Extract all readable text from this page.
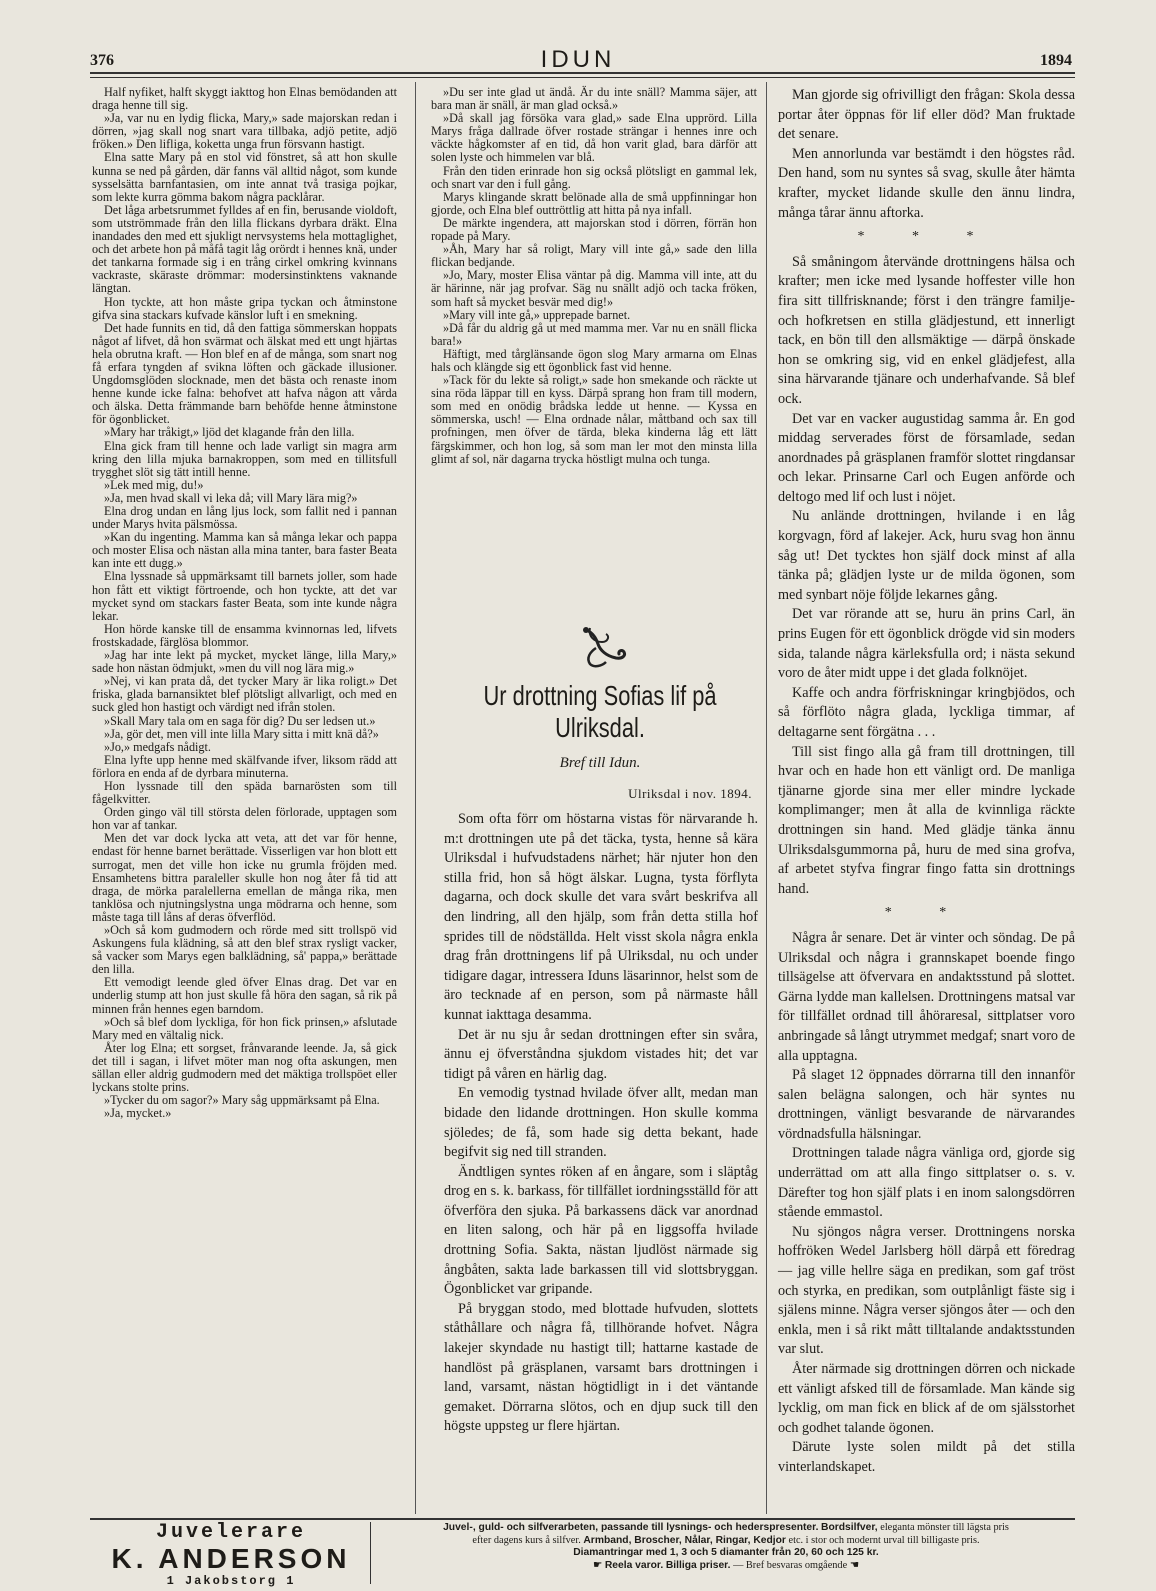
376	IDUN	1894

Half nyfiket, halft skyggt iakttog hon Elnas bemödanden att draga henne till sig.

»Ja, var nu en lydig flicka, Mary,» sade majorskan redan i dörren, »jag skall nog snart vara tillbaka, adjö petite, adjö fröken.» Den lifliga, koketta unga frun försvann hastigt.

Elna satte Mary på en stol vid fönstret, så att hon skulle kunna se ned på gården, där fanns väl alltid något, som kunde sysselsätta barnfantasien, om inte annat två trasiga pojkar, som lekte kurra gömma bakom några packlårar.

Det låga arbetsrummet fylldes af en fin, berusande violdoft, som utströmmade från den lilla flickans dyrbara dräkt. Elna inandades den med ett sjukligt nervsystems hela mottaglighet, och det arbete hon på måfå tagit låg orördt i hennes knä, under det tankarna formade sig i en trång cirkel omkring kvinnans vackraste, skäraste drömmar: modersinstinktens vaknande längtan.

Hon tyckte, att hon måste gripa tyckan och åtminstone gifva sina stackars kufvade känslor luft i en smekning.

Det hade funnits en tid, då den fattiga sömmerskan hoppats något af lifvet, då hon svärmat och älskat med ett ungt hjärtas hela obrutna kraft. — Hon blef en af de många, som snart nog få erfara tyngden af svikna löften och gäckade illusioner. Ungdomsglöden slocknade, men det bästa och renaste inom henne kunde icke falna: behofvet att hafva någon att vårda och älska. Detta främmande barn behöfde henne åtminstone för ögonblicket.

»Mary har tråkigt,» ljöd det klagande från den lilla.

Elna gick fram till henne och lade varligt sin magra arm kring den lilla mjuka barnakroppen, som med en tillitsfull trygghet slöt sig tätt intill henne.

»Lek med mig, du!»

»Ja, men hvad skall vi leka då; vill Mary lära mig?»

Elna drog undan en lång ljus lock, som fallit ned i pannan under Marys hvita pälsmössa.

»Kan du ingenting. Mamma kan så många lekar och pappa och moster Elisa och nästan alla mina tanter, bara faster Beata kan inte ett dugg.»

Elna lyssnade så uppmärksamt till barnets joller, som hade hon fått ett viktigt förtroende, och hon tyckte, att det var mycket synd om stackars faster Beata, som inte kunde några lekar.

Hon hörde kanske till de ensamma kvinnornas led, lifvets frostskadade, färglösa blommor.

»Jag har inte lekt på mycket, mycket länge, lilla Mary,» sade hon nästan ödmjukt, »men du vill nog lära mig.»

»Nej, vi kan prata då, det tycker Mary är lika roligt.» Det friska, glada barnansiktet blef plötsligt allvarligt, och med en suck gled hon hastigt och värdigt ned ifrån stolen.

»Skall Mary tala om en saga för dig? Du ser ledsen ut.»

»Ja, gör det, men vill inte lilla Mary sitta i mitt knä då?»

»Jo,» medgafs nådigt.

Elna lyfte upp henne med skälfvande ifver, liksom rädd att förlora en enda af de dyrbara minuterna.

Hon lyssnade till den späda barnarösten som till fågelkvitter.

Orden gingo väl till största delen förlorade, upptagen som hon var af tankar.

Men det var dock lycka att veta, att det var för henne, endast för henne barnet berättade. Visserligen var hon blott ett surrogat, men det ville hon icke nu grumla fröjden med. Ensamhetens bittra paraleller skulle hon nog åter få tid att draga, de mörka paralellerna emellan de många rika, men tanklösa och njutningslystna unga mödrarna och henne, som måste taga till låns af deras öfverflöd.

»Och så kom gudmodern och rörde med sitt trollspö vid Askungens fula klädning, så att den blef strax rysligt vacker, så vacker som Marys egen balklädning, så' pappa,» berättade den lilla.

Ett vemodigt leende gled öfver Elnas drag. Det var en underlig stump att hon just skulle få höra den sagan, så rik på minnen från hennes egen barndom.

»Och så blef dom lyckliga, för hon fick prinsen,» afslutade Mary med en vältalig nick.

Åter log Elna; ett sorgset, frånvarande leende. Ja, så gick det till i sagan, i lifvet möter man nog ofta askungen, men sällan eller aldrig gudmodern med det mäktiga trollspöet eller lyckans stolte prins.

»Tycker du om sagor?» Mary såg uppmärksamt på Elna.

»Ja, mycket.»

»Du ser inte glad ut ändå. Är du inte snäll? Mamma säjer, att bara man är snäll, är man glad också.»

»Då skall jag försöka vara glad,» sade Elna upprörd. Lilla Marys fråga dallrade öfver rostade strängar i hennes inre och väckte hågkomster af en tid, då hon varit glad, bara därför att solen lyste och himmelen var blå.

Från den tiden erinrade hon sig också plötsligt en gammal lek, och snart var den i full gång.

Marys klingande skratt belönade alla de små uppfinningar hon gjorde, och Elna blef outtröttlig att hitta på nya infall.

De märkte ingendera, att majorskan stod i dörren, förrän hon ropade på Mary.

»Åh, Mary har så roligt, Mary vill inte gå,» sade den lilla flickan bedjande.

»Jo, Mary, moster Elisa väntar på dig. Mamma vill inte, att du är härinne, när jag profvar. Säg nu snällt adjö och tacka fröken, som haft så mycket besvär med dig!»

»Mary vill inte gå,» upprepade barnet.

»Då får du aldrig gå ut med mamma mer. Var nu en snäll flicka bara!»

Häftigt, med tårglänsande ögon slog Mary armarna om Elnas hals och klängde sig ett ögonblick fast vid henne.

»Tack för du lekte så roligt,» sade hon smekande och räckte ut sina röda läppar till en kyss. Därpå sprang hon fram till modern, som med en onödig brådska ledde ut henne. — Kyssa en sömmerska, usch! — Elna ordnade nålar, måttband och sax till profningen, men öfver de tärda, bleka kinderna låg ett lätt färgskimmer, och hon log, så som man ler mot den minsta lilla glimt af sol, när dagarna trycka höstligt mulna och tunga.

Ur drottning Sofias lif på Ulriksdal.
Bref till Idun.
Ulriksdal i nov. 1894.

Som ofta förr om höstarna vistas för närvarande h. m:t drottningen ute på det täcka, tysta, henne så kära Ulriksdal i hufvudstadens närhet; här njuter hon den stilla frid, hon så högt älskar. Lugna, tysta förflyta dagarna, och dock skulle det vara svårt beskrifva all den lindring, all den hjälp, som från detta stilla hof sprides till de nödställda. Helt visst skola några enkla drag från drottningens lif på Ulriksdal, nu och under tidigare dagar, intressera Iduns läsarinnor, helst som de äro tecknade af en person, som på närmaste håll kunnat iakttaga desamma.

Det är nu sju år sedan drottningen efter sin svåra, ännu ej öfverståndna sjukdom vistades hit; det var tidigt på våren en härlig dag.

En vemodig tystnad hvilade öfver allt, medan man bidade den lidande drottningen. Hon skulle komma sjöledes; de få, som hade sig detta bekant, hade begifvit sig ned till stranden.

Ändtligen syntes röken af en ångare, som i släptåg drog en s. k. barkass, för tillfället iordningsställd för att öfverföra den sjuka. På barkassens däck var anordnad en liten salong, och här på en liggsoffa hvilade drottning Sofia. Sakta, nästan ljudlöst närmade sig ångbåten, sakta lade barkassen till vid slottsbryggan. Ögonblicket var gripande.

På bryggan stodo, med blottade hufvuden, slottets ståthållare och några få, tillhörande hofvet. Några lakejer skyndade nu hastigt till; hattarne kastade de handlöst på gräsplanen, varsamt bars drottningen i land, varsamt, nästan högtidligt in i det väntande gemaket. Dörrarna slötos, och en djup suck till den högste uppsteg ur flere hjärtan.

Man gjorde sig ofrivilligt den frågan: Skola dessa portar åter öppnas för lif eller död? Man fruktade det senare.

Men annorlunda var bestämdt i den högstes råd. Den hand, som nu syntes så svag, skulle åter hämta krafter, mycket lidande skulle den ännu lindra, många tårar ännu aftorka.

* * *

Så småningom återvände drottningens hälsa och krafter; men icke med lysande hoffester ville hon fira sitt tillfrisknande; först i den trängre familje- och hofkretsen en stilla glädjestund, ett innerligt tack, en bön till den allsmäktige — därpå önskade hon se omkring sig, vid en enkel glädjefest, alla sina härvarande tjänare och underhafvande. Så blef ock.

Det var en vacker augustidag samma år. En god middag serverades först de församlade, sedan anordnades på gräsplanen framför slottet ringdansar och lekar. Prinsarne Carl och Eugen anförde och deltogo med lif och lust i nöjet.

Nu anlände drottningen, hvilande i en låg korgvagn, förd af lakejer. Ack, huru svag hon ännu såg ut! Det tycktes hon själf dock minst af alla tänka på; glädjen lyste ur de milda ögonen, som med synbart nöje följde lekarnes gång.

Det var rörande att se, huru än prins Carl, än prins Eugen för ett ögonblick drögde vid sin moders sida, talande några kärleksfulla ord; i nästa sekund voro de åter midt uppe i det glada folknöjet.

Kaffe och andra förfriskningar kringbjödos, och så förflöto några glada, lyckliga timmar, af deltagarne sent förgätna . . .

Till sist fingo alla gå fram till drottningen, till hvar och en hade hon ett vänligt ord. De manliga tjänarne gjorde sina mer eller mindre lyckade komplimanger; men åt alla de kvinnliga räckte drottningen sin hand. Med glädje tänka ännu Ulriksdalsgummorna på, huru de med sina grofva, af arbetet styfva fingrar fingo fatta sin drottnings hand.

* *

Några år senare. Det är vinter och söndag. De på Ulriksdal och några i grannskapet boende fingo tillsägelse att öfvervara en andaktsstund på slottet. Gärna lydde man kallelsen. Drottningens matsal var för tillfället ordnad till åhöraresal, sittplatser voro anbringade så långt utrymmet medgaf; snart voro de alla upptagna.

På slaget 12 öppnades dörrarna till den innanför salen belägna salongen, och här syntes nu drottningen, vänligt besvarande de närvarandes vördnadsfulla hälsningar.

Drottningen talade några vänliga ord, gjorde sig underrättad om att alla fingo sittplatser o. s. v. Därefter tog hon själf plats i en inom salongsdörren stående emmastol.

Nu sjöngos några verser. Drottningens norska hoffröken Wedel Jarlsberg höll därpå ett föredrag — jag ville hellre säga en predikan, som gaf tröst och styrka, en predikan, som outplånligt fäste sig i själens minne. Några verser sjöngos åter — och den enkla, men i så rikt mått tilltalande andaktsstunden var slut.

Åter närmade sig drottningen dörren och nickade ett vänligt afsked till de församlade. Man kände sig lycklig, om man fick en blick af de om själsstorhet och godhet talande ögonen.

Därute lyste solen mildt på det stilla vinterlandskapet.

Juvelerare
K. ANDERSON
1 Jakobstorg 1
Juvel-, guld- och silfverarbeten, passande till lysnings- och hederspresenter. Bordsilfver, eleganta mönster till lägsta pris
efter dagens kurs å silfver. Armband, Broscher, Nålar, Ringar, Kedjor etc. i stor och modernt urval till billigaste pris.
Diamantringar med 1, 3 och 5 diamanter från 20, 60 och 125 kr.
☛ Reela varor. Billiga priser. — Bref besvaras omgående ☚
